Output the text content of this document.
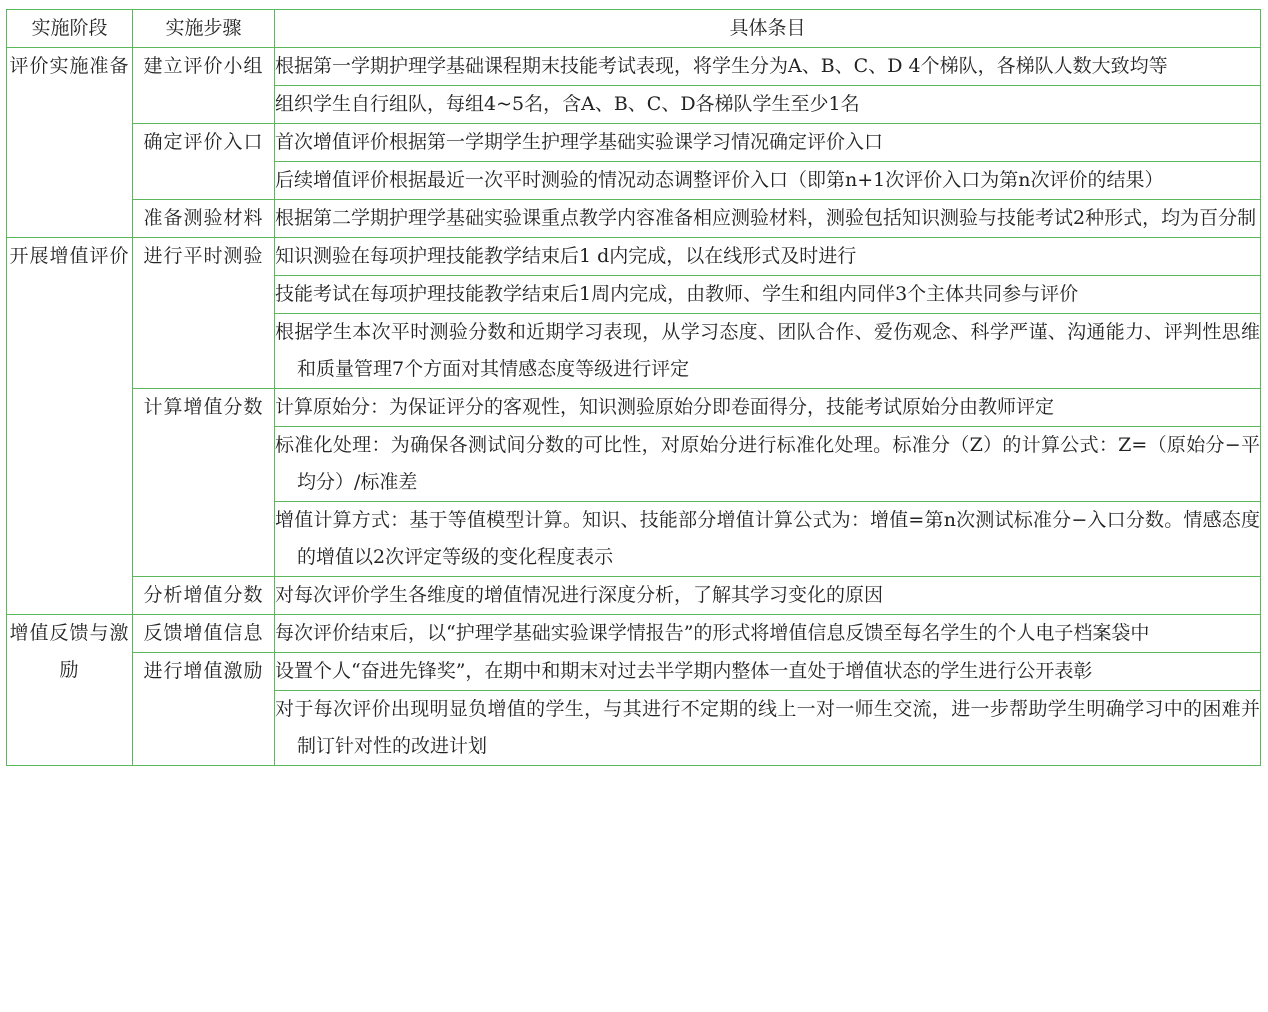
实施阶段	实施步骤	具体条目
评价实施准备	建立评价小组	根据第一学期护理学基础课程期末技能考试表现，将学生分为A、B、C、D 4个梯队，各梯队人数大致均等

		组织学生自行组队，每组4~5名，含A、B、C、D各梯队学生至少1名

	确定评价入口	首次增值评价根据第一学期学生护理学基础实验课学习情况确定评价入口

		后续增值评价根据最近一次平时测验的情况动态调整评价入口（即第n+1次评价入口为第n次评价的结果）

	准备测验材料	根据第二学期护理学基础实验课重点教学内容准备相应测验材料，测验包括知识测验与技能考试2种形式，均为百分制

开展增值评价	进行平时测验	知识测验在每项护理技能教学结束后1 d内完成，以在线形式及时进行

		技能考试在每项护理技能教学结束后1周内完成，由教师、学生和组内同伴3个主体共同参与评价

		根据学生本次平时测验分数和近期学习表现，从学习态度、团队合作、爱伤观念、科学严谨、沟通能力、评判性思维和质量管理7个方面对其情感态度等级进行评定

	计算增值分数	计算原始分：为保证评分的客观性，知识测验原始分即卷面得分，技能考试原始分由教师评定

		标准化处理：为确保各测试间分数的可比性，对原始分进行标准化处理。标准分（Z）的计算公式：Z=（原始分−平均分）/标准差

		增值计算方式：基于等值模型计算。知识、技能部分增值计算公式为：增值=第n次测试标准分−入口分数。情感态度的增值以2次评定等级的变化程度表示

	分析增值分数	对每次评价学生各维度的增值情况进行深度分析，了解其学习变化的原因

增值反馈与激励	反馈增值信息	每次评价结束后，以“护理学基础实验课学情报告”的形式将增值信息反馈至每名学生的个人电子档案袋中

	进行增值激励	设置个人“奋进先锋奖”，在期中和期末对过去半学期内整体一直处于增值状态的学生进行公开表彰

		对于每次评价出现明显负增值的学生，与其进行不定期的线上一对一师生交流，进一步帮助学生明确学习中的困难并制订针对性的改进计划
